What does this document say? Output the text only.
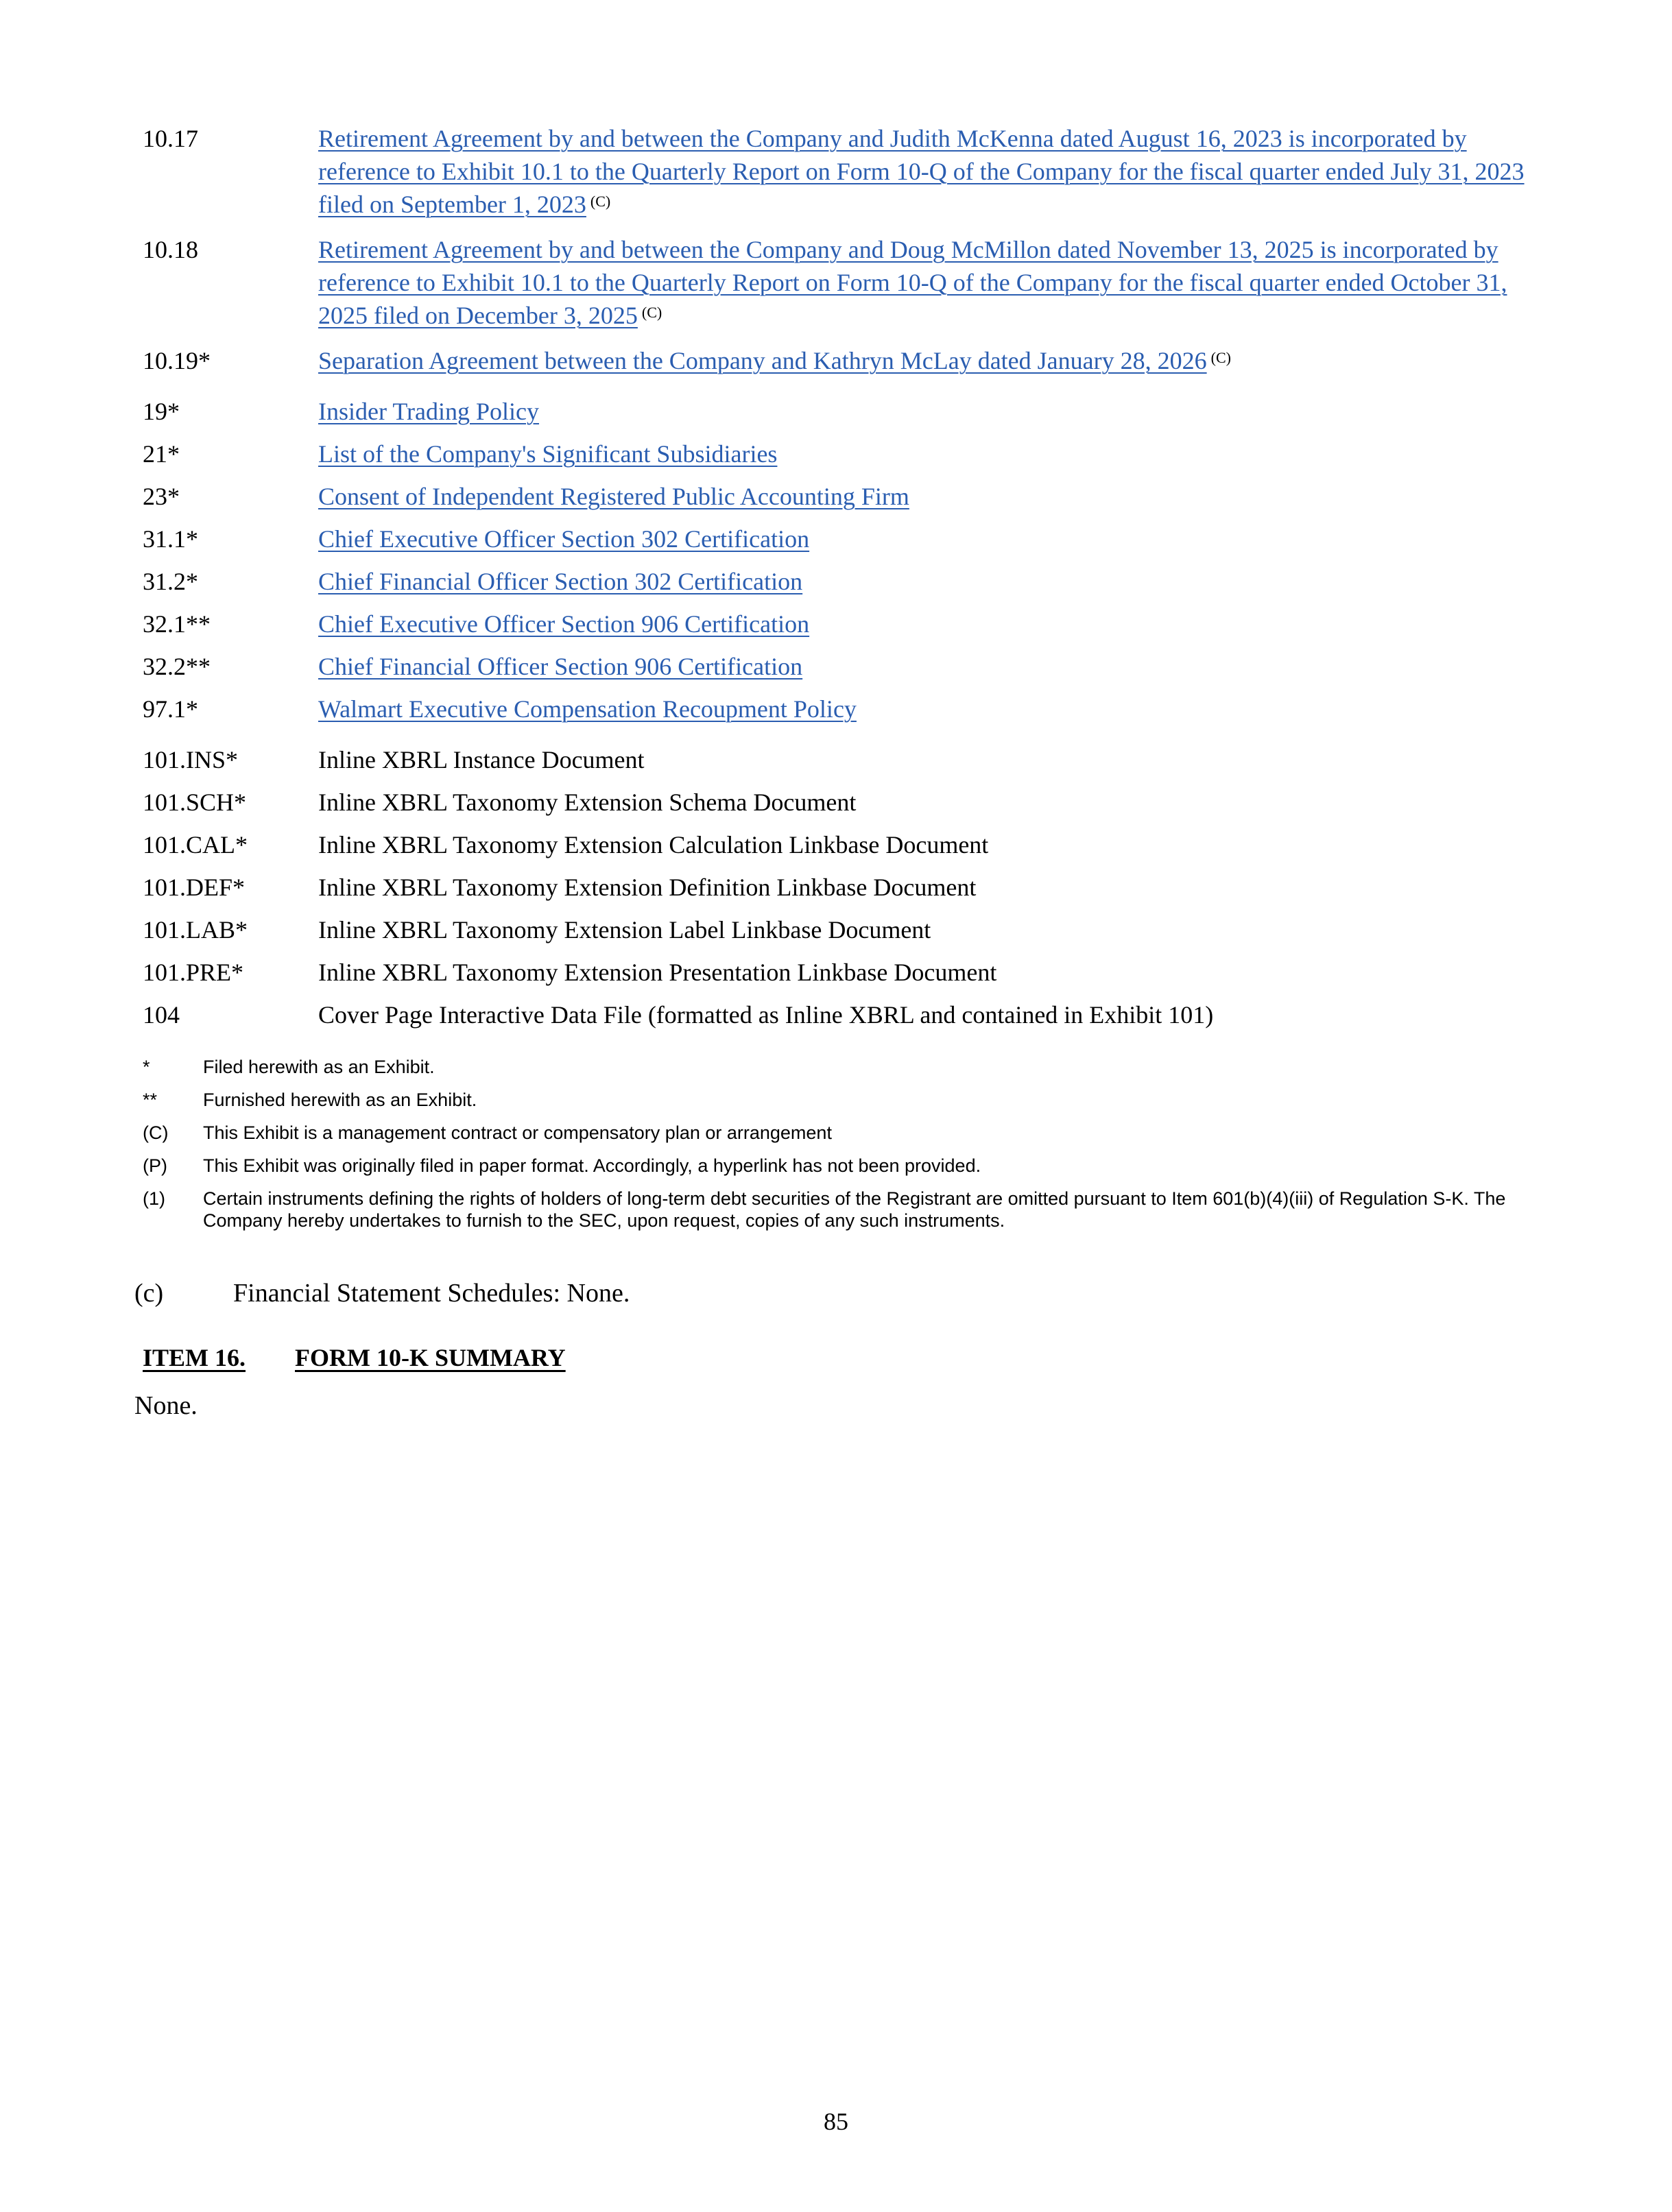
10.17	Retirement Agreement by and between the Company and Judith McKenna dated August 16, 2023 is incorporated by reference to Exhibit 10.1 to the Quarterly Report on Form 10-Q of the Company for the fiscal quarter ended July 31, 2023 filed on September 1, 2023 $^{(C)}$
10.18	Retirement Agreement by and between the Company and Doug McMillon dated November 13, 2025 is incorporated by reference to Exhibit 10.1 to the Quarterly Report on Form 10-Q of the Company for the fiscal quarter ended October 31, 2025 filed on December 3, 2025 $^{(C)}$
10.19*	Separation Agreement between the Company and Kathryn McLay dated January 28, 2026 $^{(C)}$
19*	Insider Trading Policy
21*	List of the Company's Significant Subsidiaries
23*	Consent of Independent Registered Public Accounting Firm
31.1*	Chief Executive Officer Section 302 Certification
31.2*	Chief Financial Officer Section 302 Certification
32.1**	Chief Executive Officer Section 906 Certification
32.2**	Chief Financial Officer Section 906 Certification
97.1*	Walmart Executive Compensation Recoupment Policy
101.INS*	Inline XBRL Instance Document
101.SCH*	Inline XBRL Taxonomy Extension Schema Document
101.CAL*	Inline XBRL Taxonomy Extension Calculation Linkbase Document
101.DEF*	Inline XBRL Taxonomy Extension Definition Linkbase Document
101.LAB*	Inline XBRL Taxonomy Extension Label Linkbase Document
101.PRE*	Inline XBRL Taxonomy Extension Presentation Linkbase Document
104	Cover Page Interactive Data File (formatted as Inline XBRL and contained in Exhibit 101)
*	Filed herewith as an Exhibit.
**	Furnished herewith as an Exhibit.
(C)	This Exhibit is a management contract or compensatory plan or arrangement
(P)	This Exhibit was originally filed in paper format. Accordingly, a hyperlink has not been provided.
(1)	Certain instruments defining the rights of holders of long-term debt securities of the Registrant are omitted pursuant to Item 601(b)(4)(iii) of Regulation S-K. The Company hereby undertakes to furnish to the SEC, upon request, copies of any such instruments.
(c)	Financial Statement Schedules: None.
ITEM 16.	FORM 10-K SUMMARY
None.
85
